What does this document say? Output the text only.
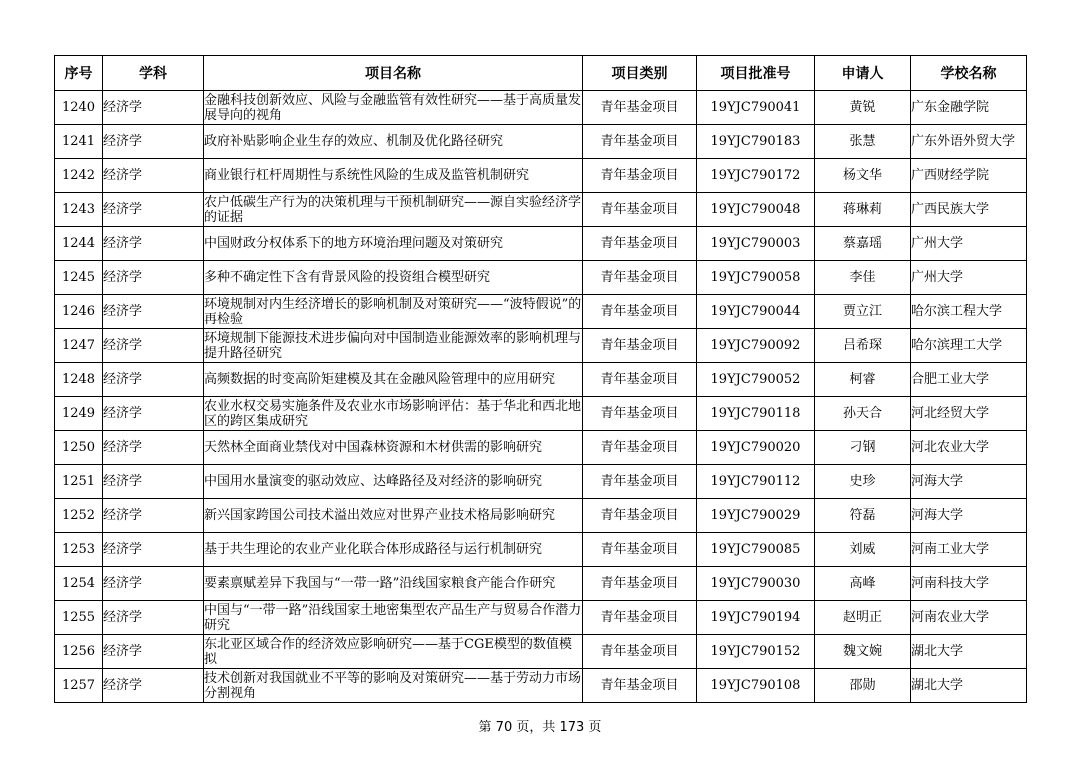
序号	学科	项目名称	项目类别	项目批准号	申请人	学校名称
1240	经济学	金融科技创新效应、风险与金融监管有效性研究——基于高质量发展导向的视角	青年基金项目	19YJC790041	黄锐	广东金融学院
1241	经济学	政府补贴影响企业生存的效应、机制及优化路径研究	青年基金项目	19YJC790183	张慧	广东外语外贸大学
1242	经济学	商业银行杠杆周期性与系统性风险的生成及监管机制研究	青年基金项目	19YJC790172	杨文华	广西财经学院
1243	经济学	农户低碳生产行为的决策机理与干预机制研究——源自实验经济学的证据	青年基金项目	19YJC790048	蒋琳莉	广西民族大学
1244	经济学	中国财政分权体系下的地方环境治理问题及对策研究	青年基金项目	19YJC790003	蔡嘉瑶	广州大学
1245	经济学	多种不确定性下含有背景风险的投资组合模型研究	青年基金项目	19YJC790058	李佳	广州大学
1246	经济学	环境规制对内生经济增长的影响机制及对策研究——“波特假说”的再检验	青年基金项目	19YJC790044	贾立江	哈尔滨工程大学
1247	经济学	环境规制下能源技术进步偏向对中国制造业能源效率的影响机理与提升路径研究	青年基金项目	19YJC790092	吕希琛	哈尔滨理工大学
1248	经济学	高频数据的时变高阶矩建模及其在金融风险管理中的应用研究	青年基金项目	19YJC790052	柯睿	合肥工业大学
1249	经济学	农业水权交易实施条件及农业水市场影响评估：基于华北和西北地区的跨区集成研究	青年基金项目	19YJC790118	孙天合	河北经贸大学
1250	经济学	天然林全面商业禁伐对中国森林资源和木材供需的影响研究	青年基金项目	19YJC790020	刁钢	河北农业大学
1251	经济学	中国用水量演变的驱动效应、达峰路径及对经济的影响研究	青年基金项目	19YJC790112	史珍	河海大学
1252	经济学	新兴国家跨国公司技术溢出效应对世界产业技术格局影响研究	青年基金项目	19YJC790029	符磊	河海大学
1253	经济学	基于共生理论的农业产业化联合体形成路径与运行机制研究	青年基金项目	19YJC790085	刘威	河南工业大学
1254	经济学	要素禀赋差异下我国与“一带一路”沿线国家粮食产能合作研究	青年基金项目	19YJC790030	高峰	河南科技大学
1255	经济学	中国与“一带一路”沿线国家土地密集型农产品生产与贸易合作潜力研究	青年基金项目	19YJC790194	赵明正	河南农业大学
1256	经济学	东北亚区域合作的经济效应影响研究——基于CGE模型的数值模拟	青年基金项目	19YJC790152	魏文婉	湖北大学
1257	经济学	技术创新对我国就业不平等的影响及对策研究——基于劳动力市场分割视角	青年基金项目	19YJC790108	邵勋	湖北大学
第 70 页，共 173 页
